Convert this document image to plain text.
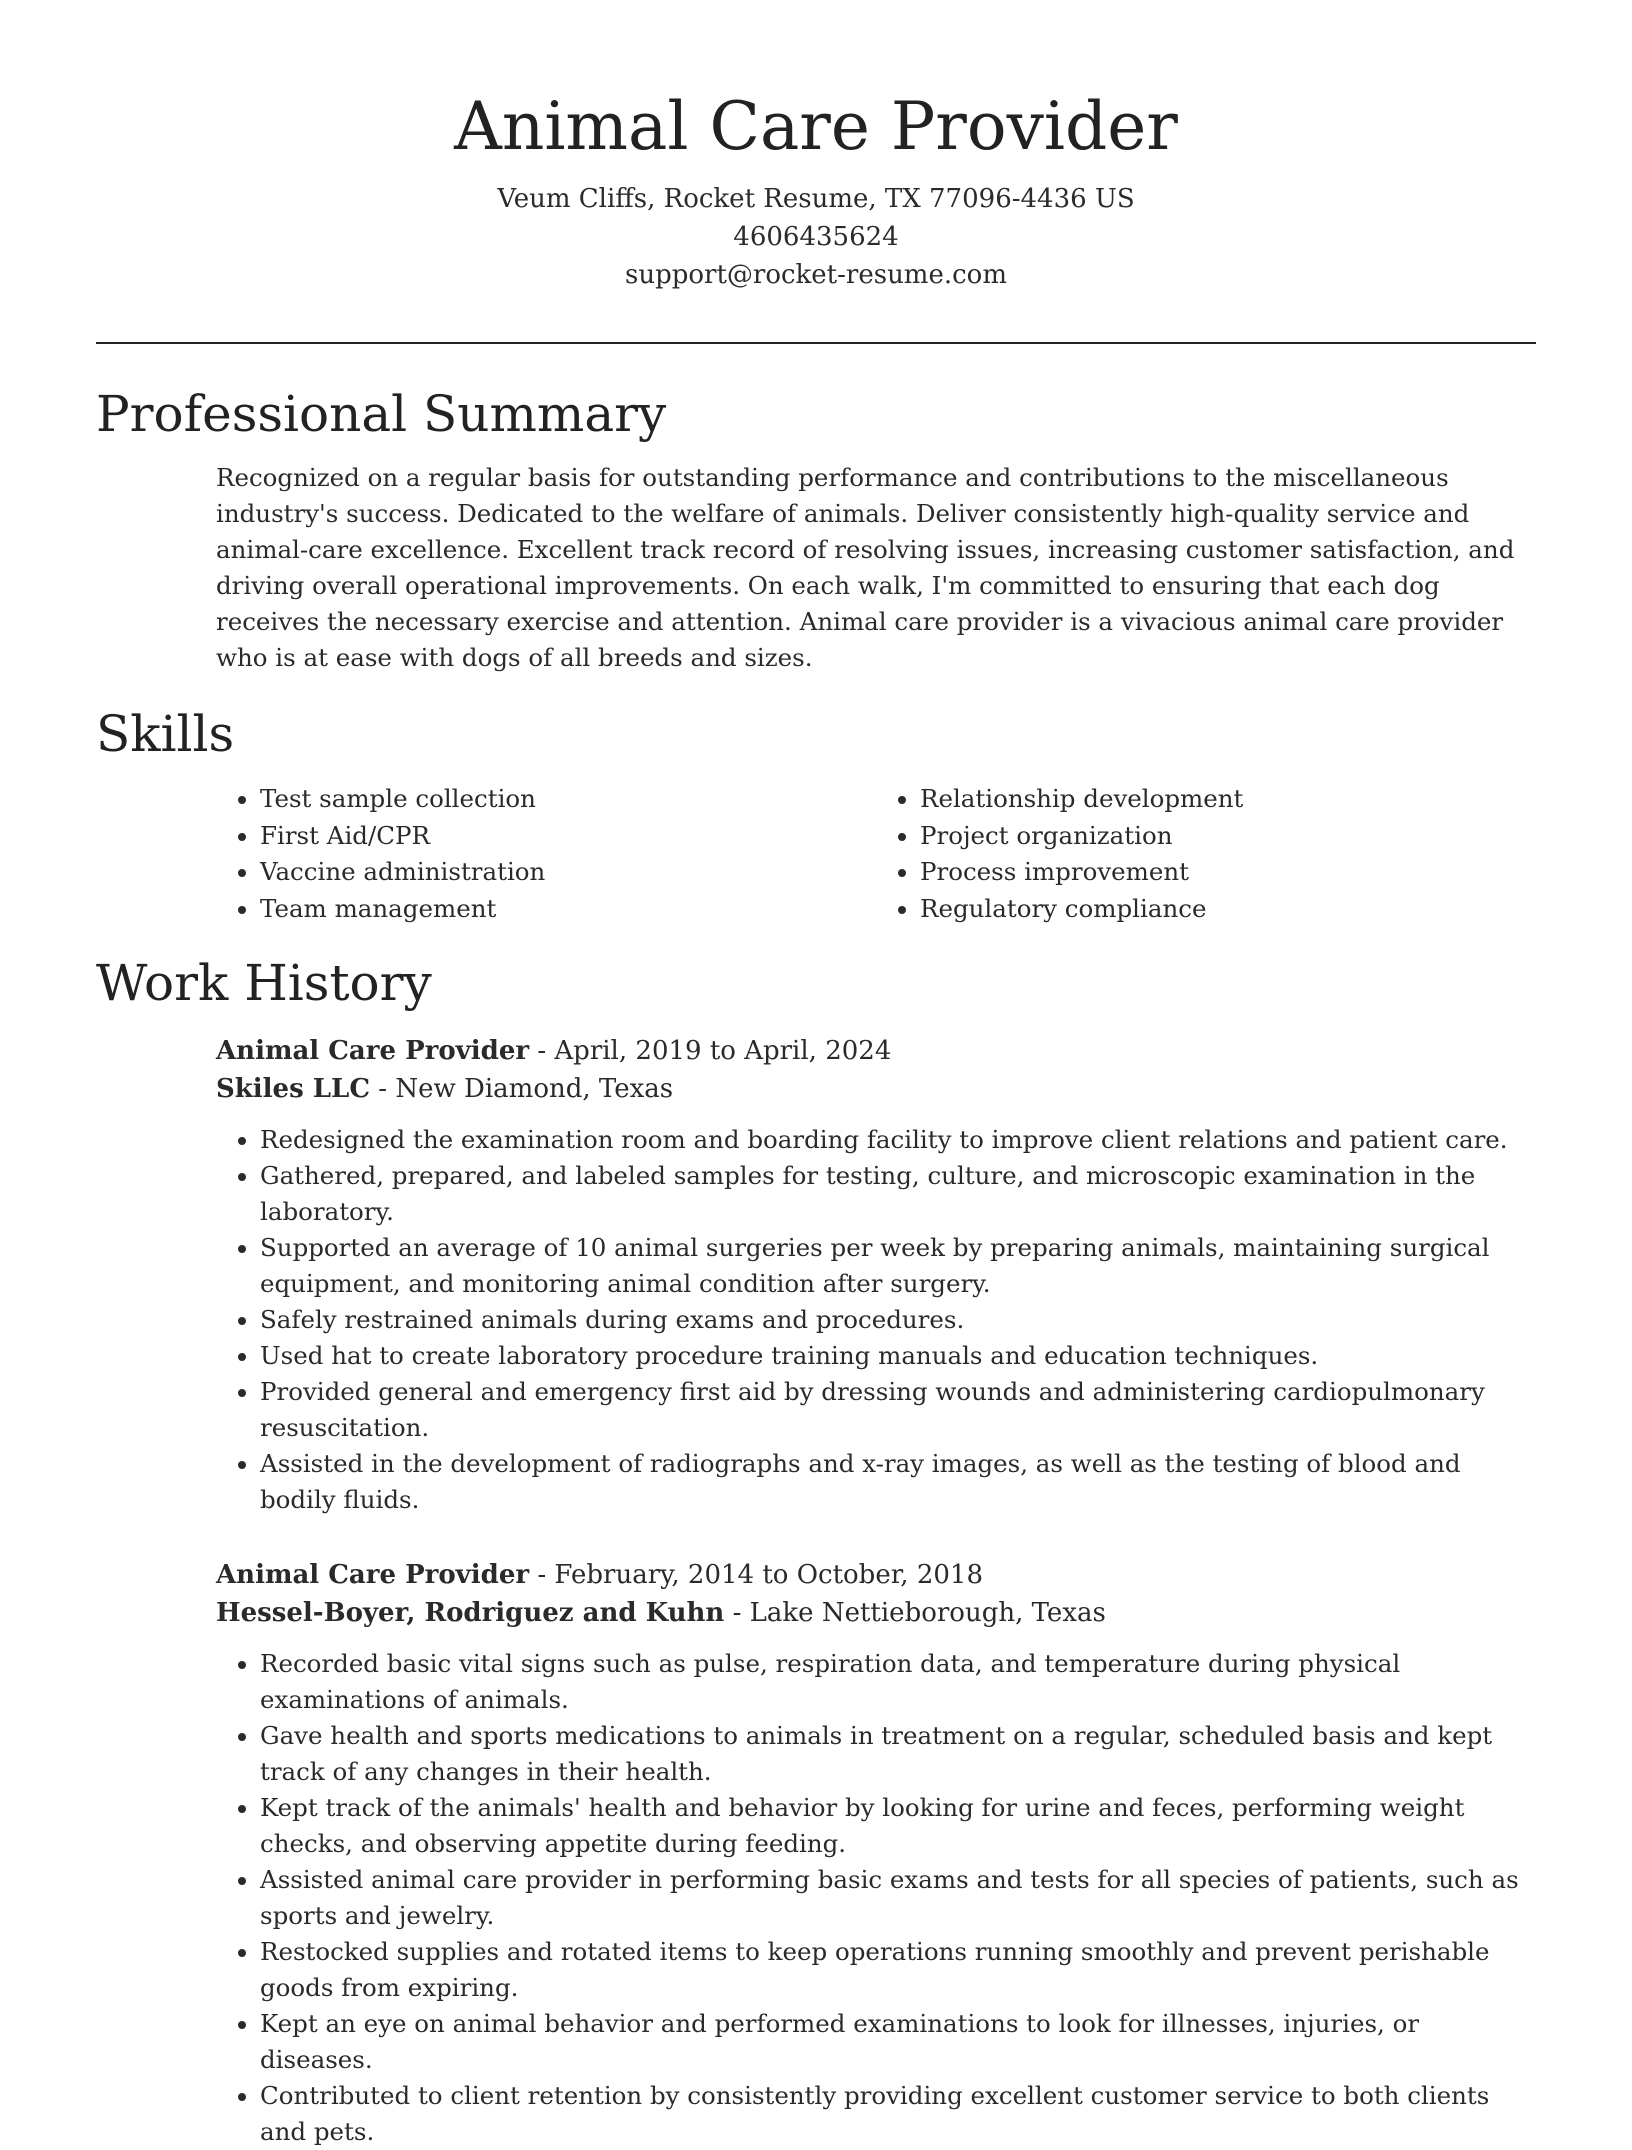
Animal Care Provider
Veum Cliffs, Rocket Resume, TX 77096-4436 US
4606435624
support@rocket-resume.com
Professional Summary

Recognized on a regular basis for outstanding performance and contributions to the miscellaneous industry's success. Dedicated to the welfare of animals. Deliver consistently high-quality service and animal-care excellence. Excellent track record of resolving issues, increasing customer satisfaction, and driving overall operational improvements. On each walk, I'm committed to ensuring that each dog receives the necessary exercise and attention. Animal care provider is a vivacious animal care provider who is at ease with dogs of all breeds and sizes.

Skills
• Test sample collection
• First Aid/CPR
• Vaccine administration
• Team management
• Relationship development
• Project organization
• Process improvement
• Regulatory compliance
Work History
Animal Care Provider - April, 2019 to April, 2024
Skiles LLC - New Diamond, Texas
• Redesigned the examination room and boarding facility to improve client relations and patient care.
• Gathered, prepared, and labeled samples for testing, culture, and microscopic examination in the laboratory.
• Supported an average of 10 animal surgeries per week by preparing animals, maintaining surgical equipment, and monitoring animal condition after surgery.
• Safely restrained animals during exams and procedures.
• Used hat to create laboratory procedure training manuals and education techniques.
• Provided general and emergency first aid by dressing wounds and administering cardiopulmonary resuscitation.
• Assisted in the development of radiographs and x-ray images, as well as the testing of blood and bodily fluids.
Animal Care Provider - February, 2014 to October, 2018
Hessel-Boyer, Rodriguez and Kuhn - Lake Nettieborough, Texas
• Recorded basic vital signs such as pulse, respiration data, and temperature during physical examinations of animals.
• Gave health and sports medications to animals in treatment on a regular, scheduled basis and kept track of any changes in their health.
• Kept track of the animals' health and behavior by looking for urine and feces, performing weight checks, and observing appetite during feeding.
• Assisted animal care provider in performing basic exams and tests for all species of patients, such as sports and jewelry.
• Restocked supplies and rotated items to keep operations running smoothly and prevent perishable goods from expiring.
• Kept an eye on animal behavior and performed examinations to look for illnesses, injuries, or diseases.
• Contributed to client retention by consistently providing excellent customer service to both clients and pets.
